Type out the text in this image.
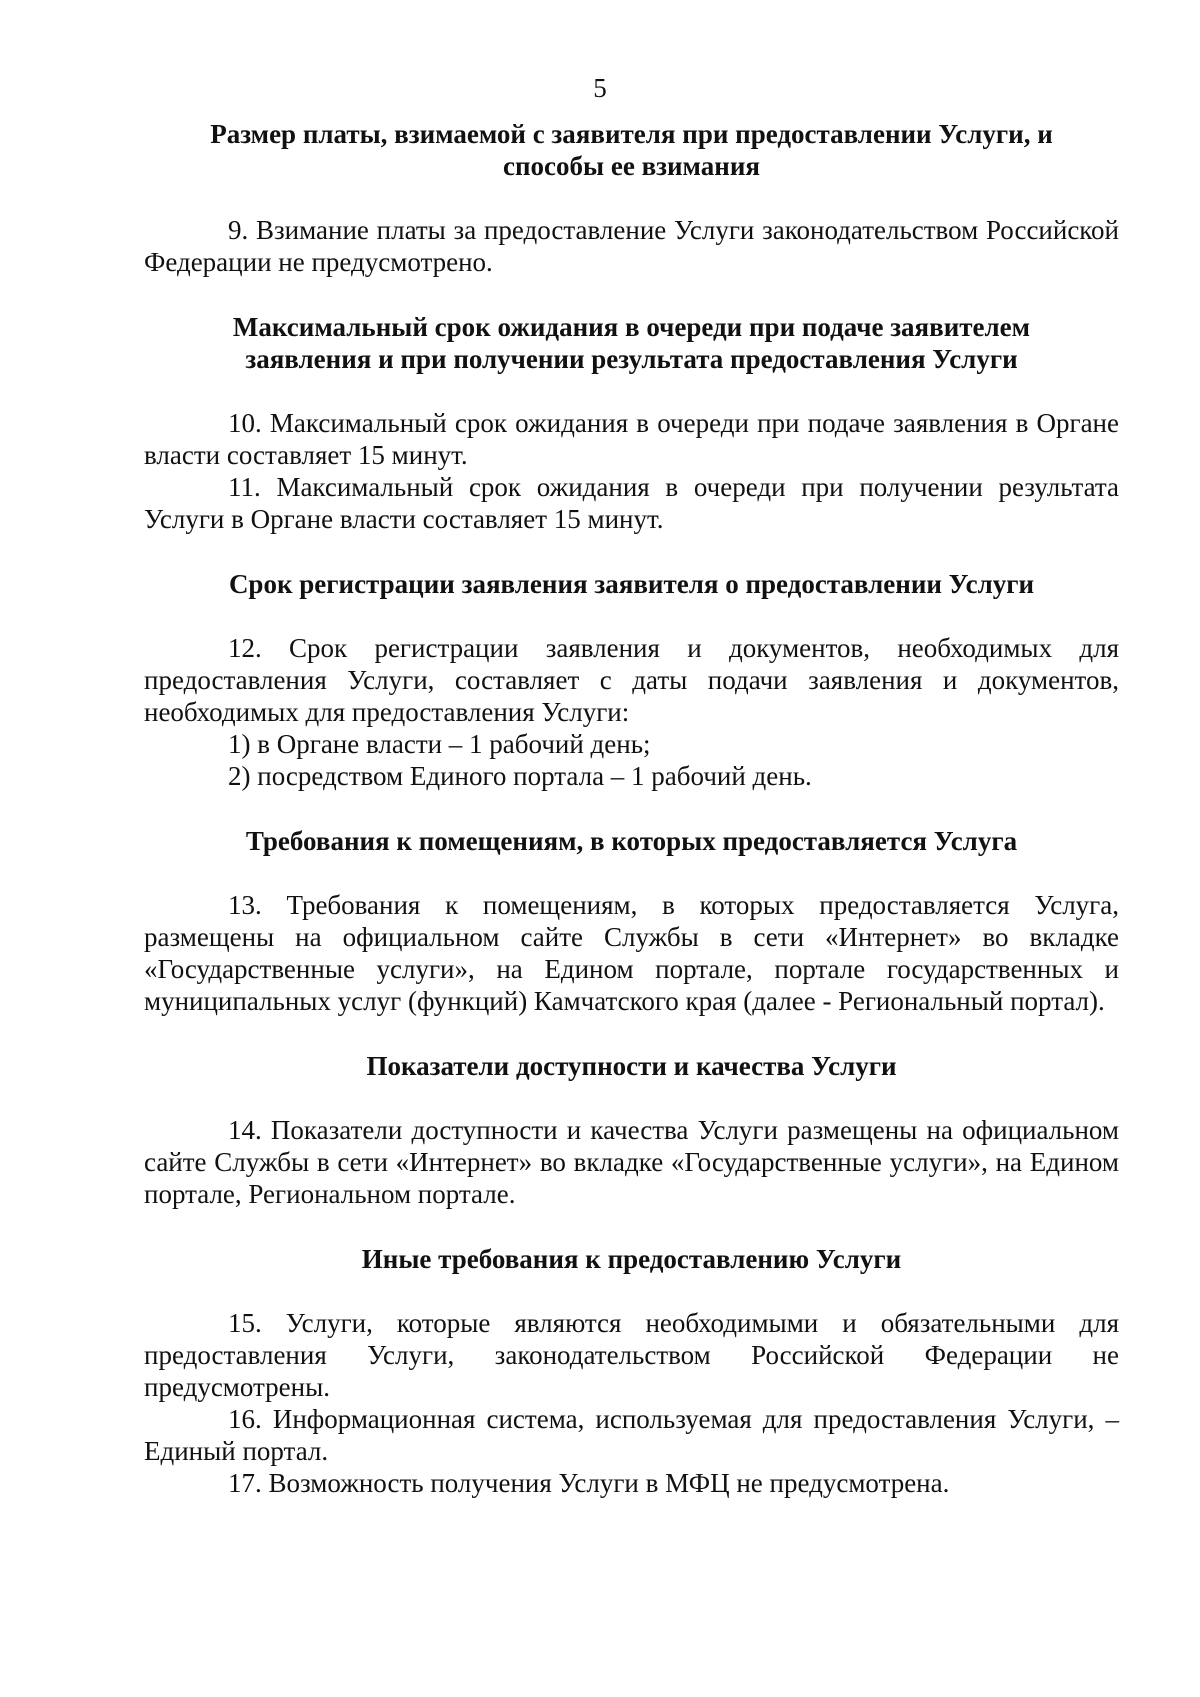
5
Размер платы, взимаемой с заявителя при предоставлении Услуги, и
способы ее взимания

9. Взимание платы за предоставление Услуги законодательством Российской Федерации не предусмотрено.

Максимальный срок ожидания в очереди при подаче заявителем
заявления и при получении результата предоставления Услуги

10. Максимальный срок ожидания в очереди при подаче заявления в Органе власти составляет 15 минут.

11. Максимальный срок ожидания в очереди при получении результата Услуги в Органе власти составляет 15 минут.

Срок регистрации заявления заявителя о предоставлении Услуги

12. Срок регистрации заявления и документов, необходимых для предоставления Услуги, составляет с даты подачи заявления и документов, необходимых для предоставления Услуги:

1) в Органе власти – 1 рабочий день;

2) посредством Единого портала – 1 рабочий день.

Требования к помещениям, в которых предоставляется Услуга

13. Требования к помещениям, в которых предоставляется Услуга, размещены на официальном сайте Службы в сети «Интернет» во вкладке «Государственные услуги», на Едином портале, портале государственных и муниципальных услуг (функций) Камчатского края (далее - Региональный портал).

Показатели доступности и качества Услуги

14. Показатели доступности и качества Услуги размещены на официальном сайте Службы в сети «Интернет» во вкладке «Государственные услуги», на Едином портале, Региональном портале.

Иные требования к предоставлению Услуги

15. Услуги, которые являются необходимыми и обязательными для предоставления Услуги, законодательством Российской Федерации не предусмотрены.

16. Информационная система, используемая для предоставления Услуги, – Единый портал.

17. Возможность получения Услуги в МФЦ не предусмотрена.
